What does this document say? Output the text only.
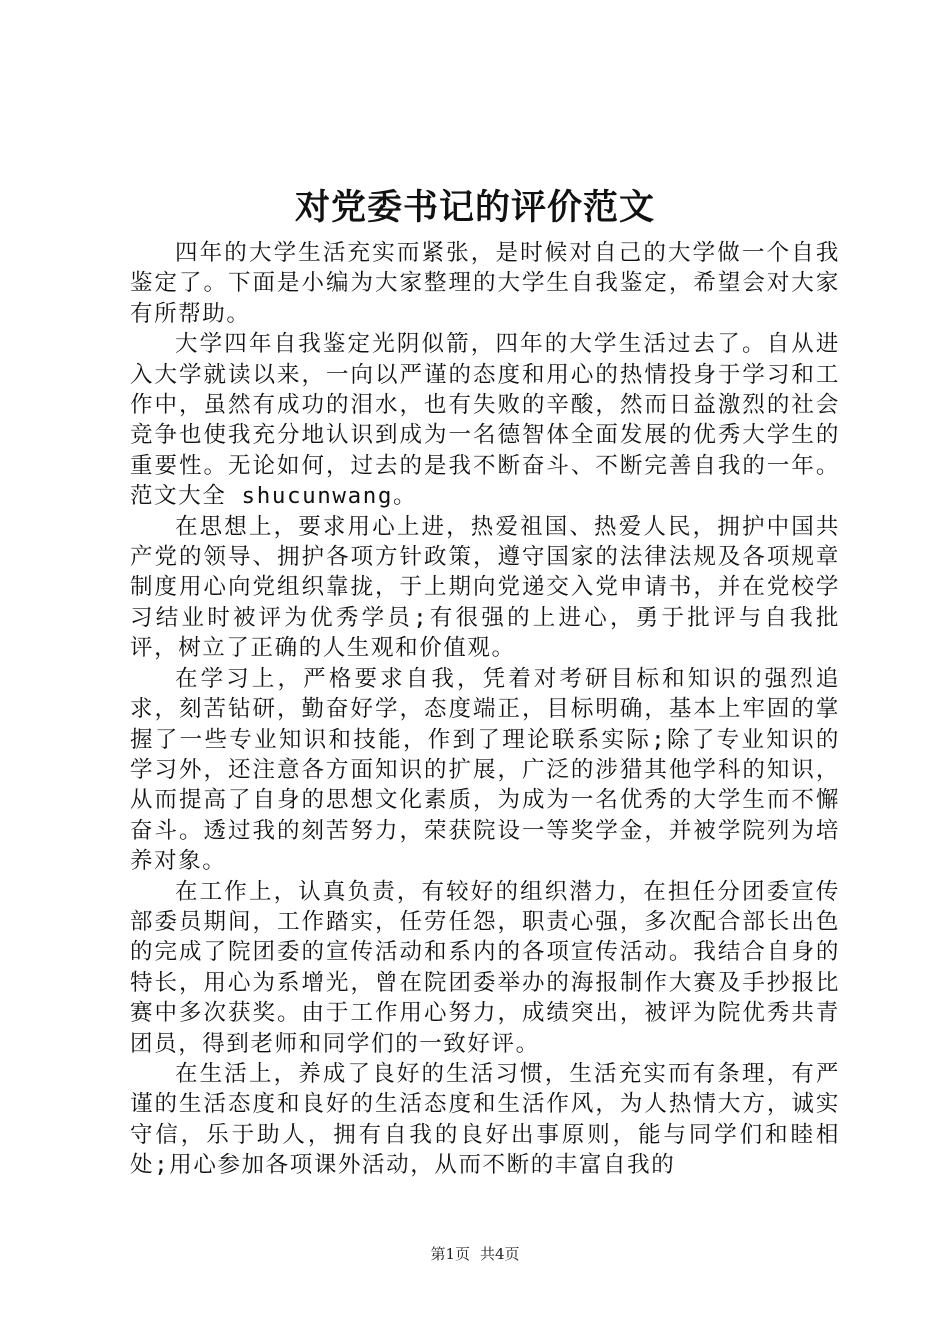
对党委书记的评价范文

四年的大学生活充实而紧张，是时候对自己的大学做一个自我鉴定了。下面是小编为大家整理的大学生自我鉴定，希望会对大家有所帮助。

大学四年自我鉴定光阴似箭，四年的大学生活过去了。自从进入大学就读以来，一向以严谨的态度和用心的热情投身于学习和工作中，虽然有成功的泪水，也有失败的辛酸，然而日益激烈的社会竞争也使我充分地认识到成为一名德智体全面发展的优秀大学生的重要性。无论如何，过去的是我不断奋斗、不断完善自我的一年。范文大全 shucunwang。

在思想上，要求用心上进，热爱祖国、热爱人民，拥护中国共产党的领导、拥护各项方针政策，遵守国家的法律法规及各项规章制度用心向党组织靠拢，于上期向党递交入党申请书，并在党校学习结业时被评为优秀学员;有很强的上进心，勇于批评与自我批评，树立了正确的人生观和价值观。

在学习上，严格要求自我，凭着对考研目标和知识的强烈追求，刻苦钻研，勤奋好学，态度端正，目标明确，基本上牢固的掌握了一些专业知识和技能，作到了理论联系实际;除了专业知识的学习外，还注意各方面知识的扩展，广泛的涉猎其他学科的知识，从而提高了自身的思想文化素质，为成为一名优秀的大学生而不懈奋斗。透过我的刻苦努力，荣获院设一等奖学金，并被学院列为培养对象。

在工作上，认真负责，有较好的组织潜力，在担任分团委宣传部委员期间，工作踏实，任劳任怨，职责心强，多次配合部长出色的完成了院团委的宣传活动和系内的各项宣传活动。我结合自身的特长，用心为系增光，曾在院团委举办的海报制作大赛及手抄报比赛中多次获奖。由于工作用心努力，成绩突出，被评为院优秀共青团员，得到老师和同学们的一致好评。

在生活上，养成了良好的生活习惯，生活充实而有条理，有严谨的生活态度和良好的生活态度和生活作风，为人热情大方，诚实守信，乐于助人，拥有自我的良好出事原则，能与同学们和睦相处;用心参加各项课外活动，从而不断的丰富自我的

第1页 共4页
